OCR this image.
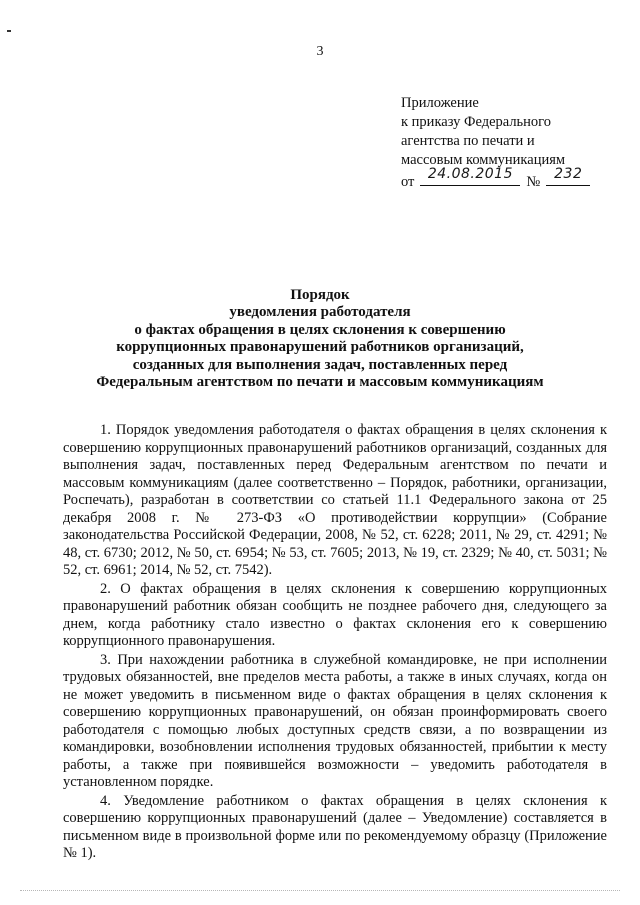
3
Приложение
к приказу Федерального
агентства по печати и
массовым коммуникациям
от 24.08.2015 № 232
Порядок
уведомления работодателя
о фактах обращения в целях склонения к совершению
коррупционных правонарушений работников организаций,
созданных для выполнения задач, поставленных перед
Федеральным агентством по печати и массовым коммуникациям

1. Порядок уведомления работодателя о фактах обращения в целях склонения к совершению коррупционных правонарушений работников организаций, созданных для выполнения задач, поставленных перед Федеральным агентством по печати и массовым коммуникациям (далее соответственно – Порядок, работники, организации, Роспечать), разработан в соответствии со статьей 11.1 Федерального закона от 25 декабря 2008 г. № 273-ФЗ «О противодействии коррупции» (Собрание законодательства Российской Федерации, 2008, № 52, ст. 6228; 2011, № 29, ст. 4291; № 48, ст. 6730; 2012, № 50, ст. 6954; № 53, ст. 7605; 2013, № 19, ст. 2329; № 40, ст. 5031; № 52, ст. 6961; 2014, № 52, ст. 7542).

2. О фактах обращения в целях склонения к совершению коррупционных правонарушений работник обязан сообщить не позднее рабочего дня, следующего за днем, когда работнику стало известно о фактах склонения его к совершению коррупционного правонарушения.

3. При нахождении работника в служебной командировке, не при исполнении трудовых обязанностей, вне пределов места работы, а также в иных случаях, когда он не может уведомить в письменном виде о фактах обращения в целях склонения к совершению коррупционных правонарушений, он обязан проинформировать своего работодателя с помощью любых доступных средств связи, а по возвращении из командировки, возобновлении исполнения трудовых обязанностей, прибытии к месту работы, а также при появившейся возможности – уведомить работодателя в установленном порядке.

4. Уведомление работником о фактах обращения в целях склонения к совершению коррупционных правонарушений (далее – Уведомление) составляется в письменном виде в произвольной форме или по рекомендуемому образцу (Приложение № 1).
